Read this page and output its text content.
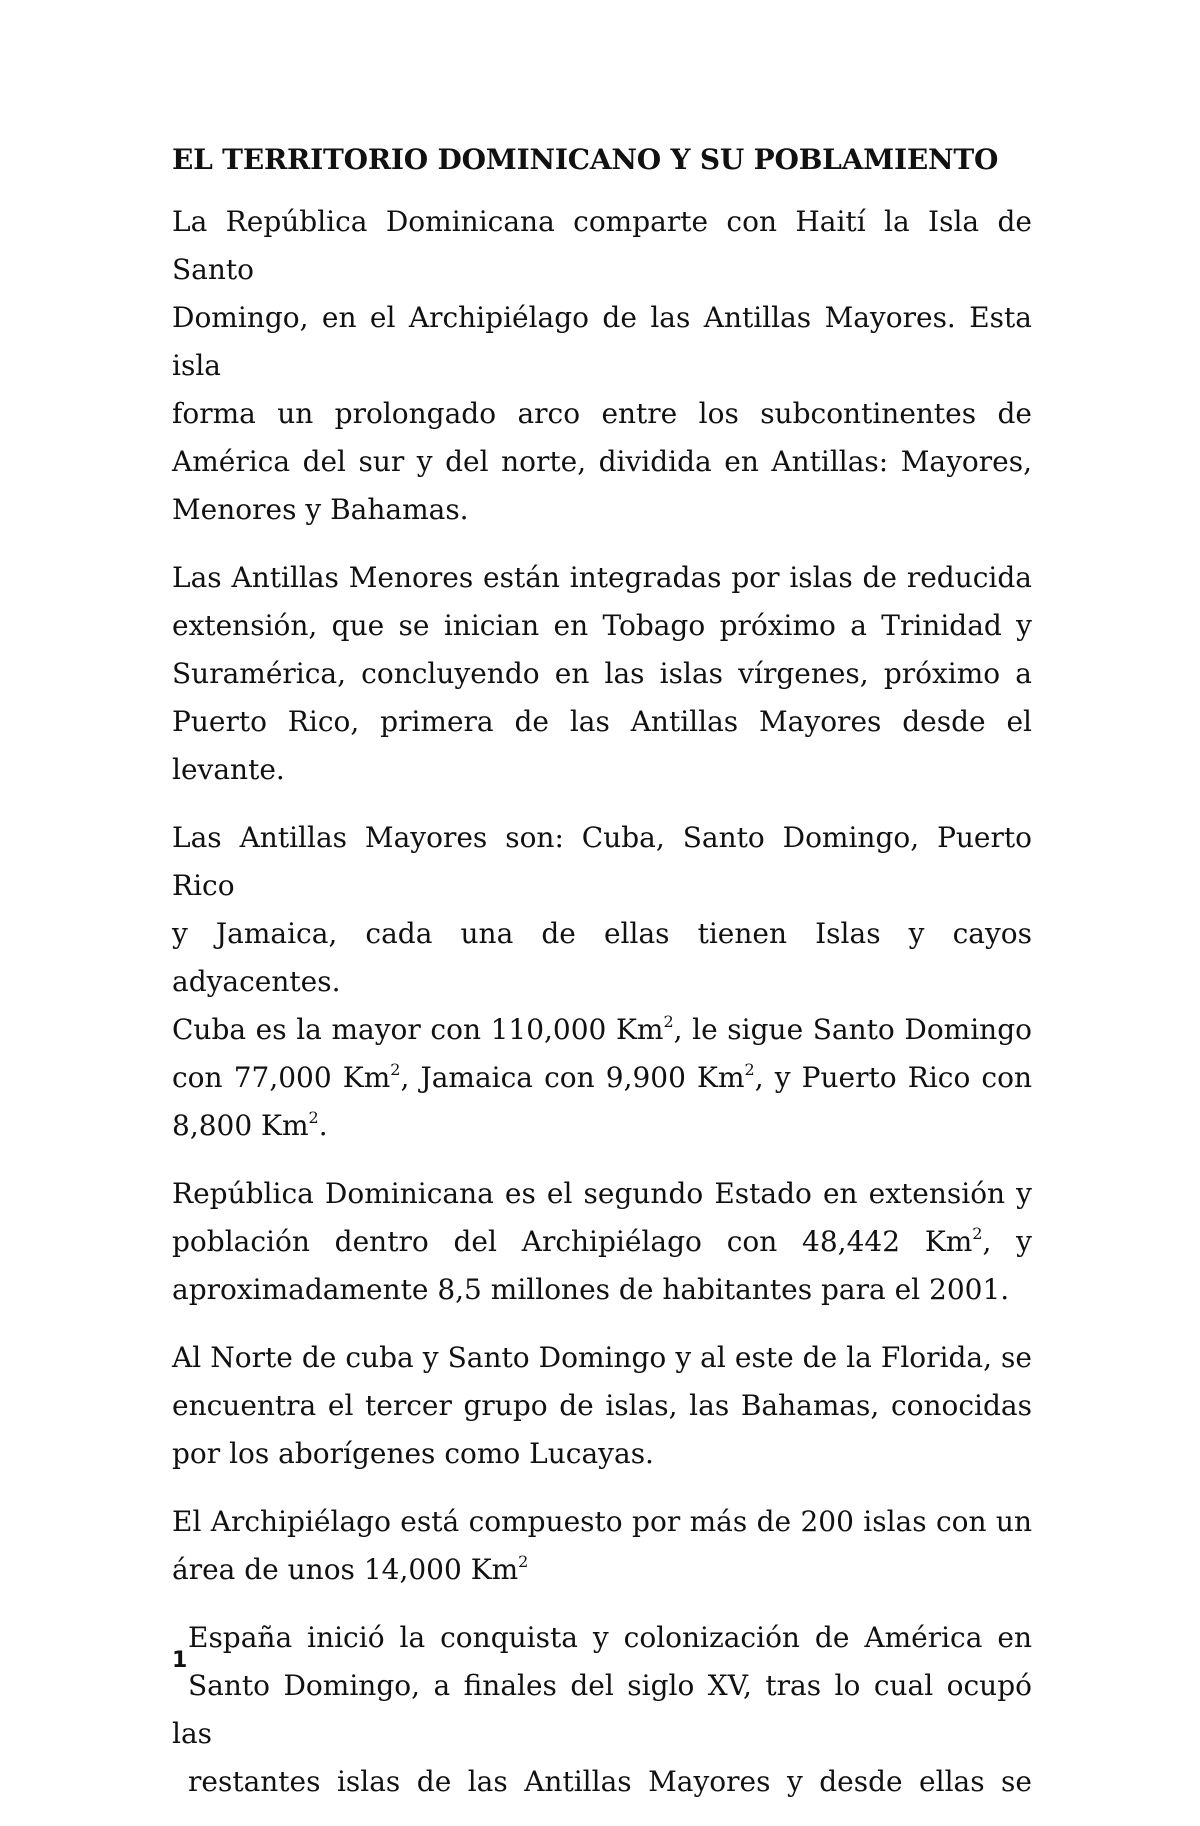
EL TERRITORIO DOMINICANO Y SU POBLAMIENTO

La República Dominicana comparte con Haití la Isla de Santo
Domingo, en el Archipiélago de las Antillas Mayores. Esta isla
forma un prolongado arco entre los subcontinentes de
América del sur y del norte, dividida en Antillas: Mayores,
Menores y Bahamas.

Las Antillas Menores están integradas por islas de reducida
extensión, que se inician en Tobago próximo a Trinidad y
Suramérica, concluyendo en las islas vírgenes, próximo a
Puerto Rico, primera de las Antillas Mayores desde el
levante.

Las Antillas Mayores son: Cuba, Santo Domingo, Puerto Rico
y Jamaica, cada una de ellas tienen Islas y cayos adyacentes.
Cuba es la mayor con 110,000 Km$^2$, le sigue Santo Domingo
con 77,000 Km$^2$, Jamaica con 9,900 Km$^2$, y Puerto Rico con
8,800 Km$^2$.

República Dominicana es el segundo Estado en extensión y
población dentro del Archipiélago con 48,442 Km$^2$, y
aproximadamente 8,5 millones de habitantes para el 2001.

Al Norte de cuba y Santo Domingo y al este de la Florida, se
encuentra el tercer grupo de islas, las Bahamas, conocidas
por los aborígenes como Lucayas.

El Archipiélago está compuesto por más de 200 islas con un
área de unos 14,000 Km$^2$

España inició la conquista y colonización de América en
Santo Domingo, a finales del siglo XV, tras lo cual ocupó las
restantes islas de las Antillas Mayores y desde ellas se

1
